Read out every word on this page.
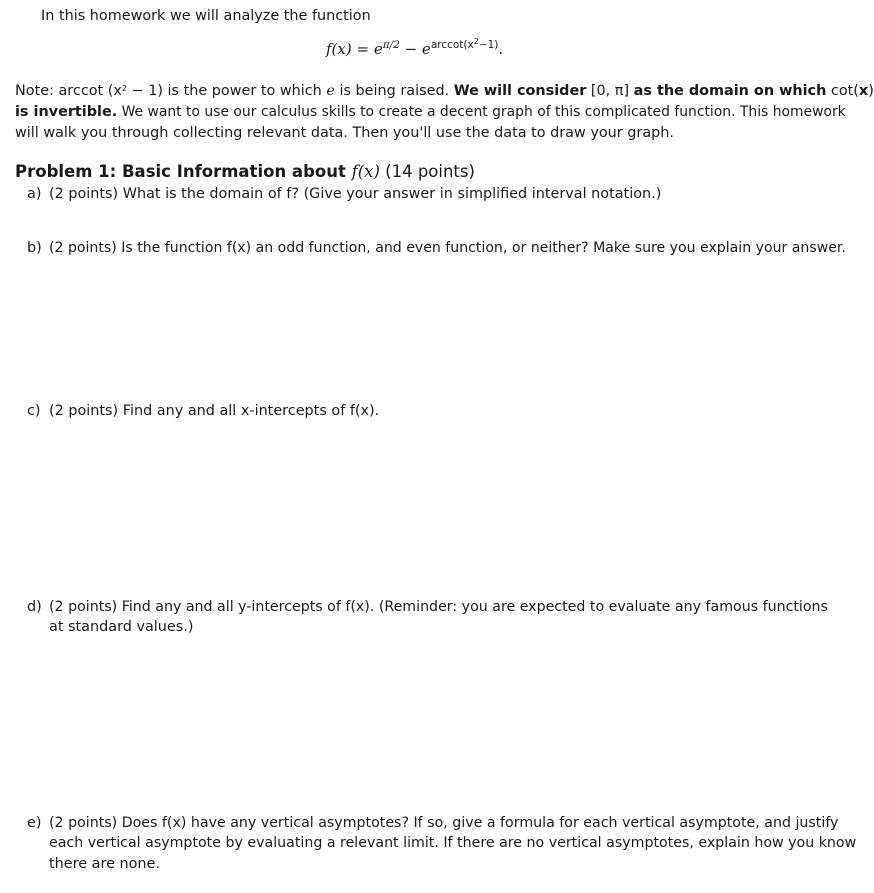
In this homework we will analyze the function
$f(x) = e^{\pi/2} - e^{arccot(x^2-1)}$.
Note: arccot $(x^2 - 1)$ is the power to which e is being raised. We will consider [0, π] as the domain on which cot(x)
is invertible. We want to use our calculus skills to create a decent graph of this complicated function. This homework
will walk you through collecting relevant data. Then you'll use the data to draw your graph.
Problem 1: Basic Information about f(x) (14 points)
a) (2 points) What is the domain of f? (Give your answer in simplified interval notation.)
b) (2 points) Is the function f(x) an odd function, and even function, or neither? Make sure you explain your answer.
c) (2 points) Find any and all x-intercepts of f(x).
d) (2 points) Find any and all y-intercepts of f(x). (Reminder: you are expected to evaluate any famous functions
at standard values.)
e) (2 points) Does f(x) have any vertical asymptotes? If so, give a formula for each vertical asymptote, and justify
each vertical asymptote by evaluating a relevant limit. If there are no vertical asymptotes, explain how you know
there are none.
